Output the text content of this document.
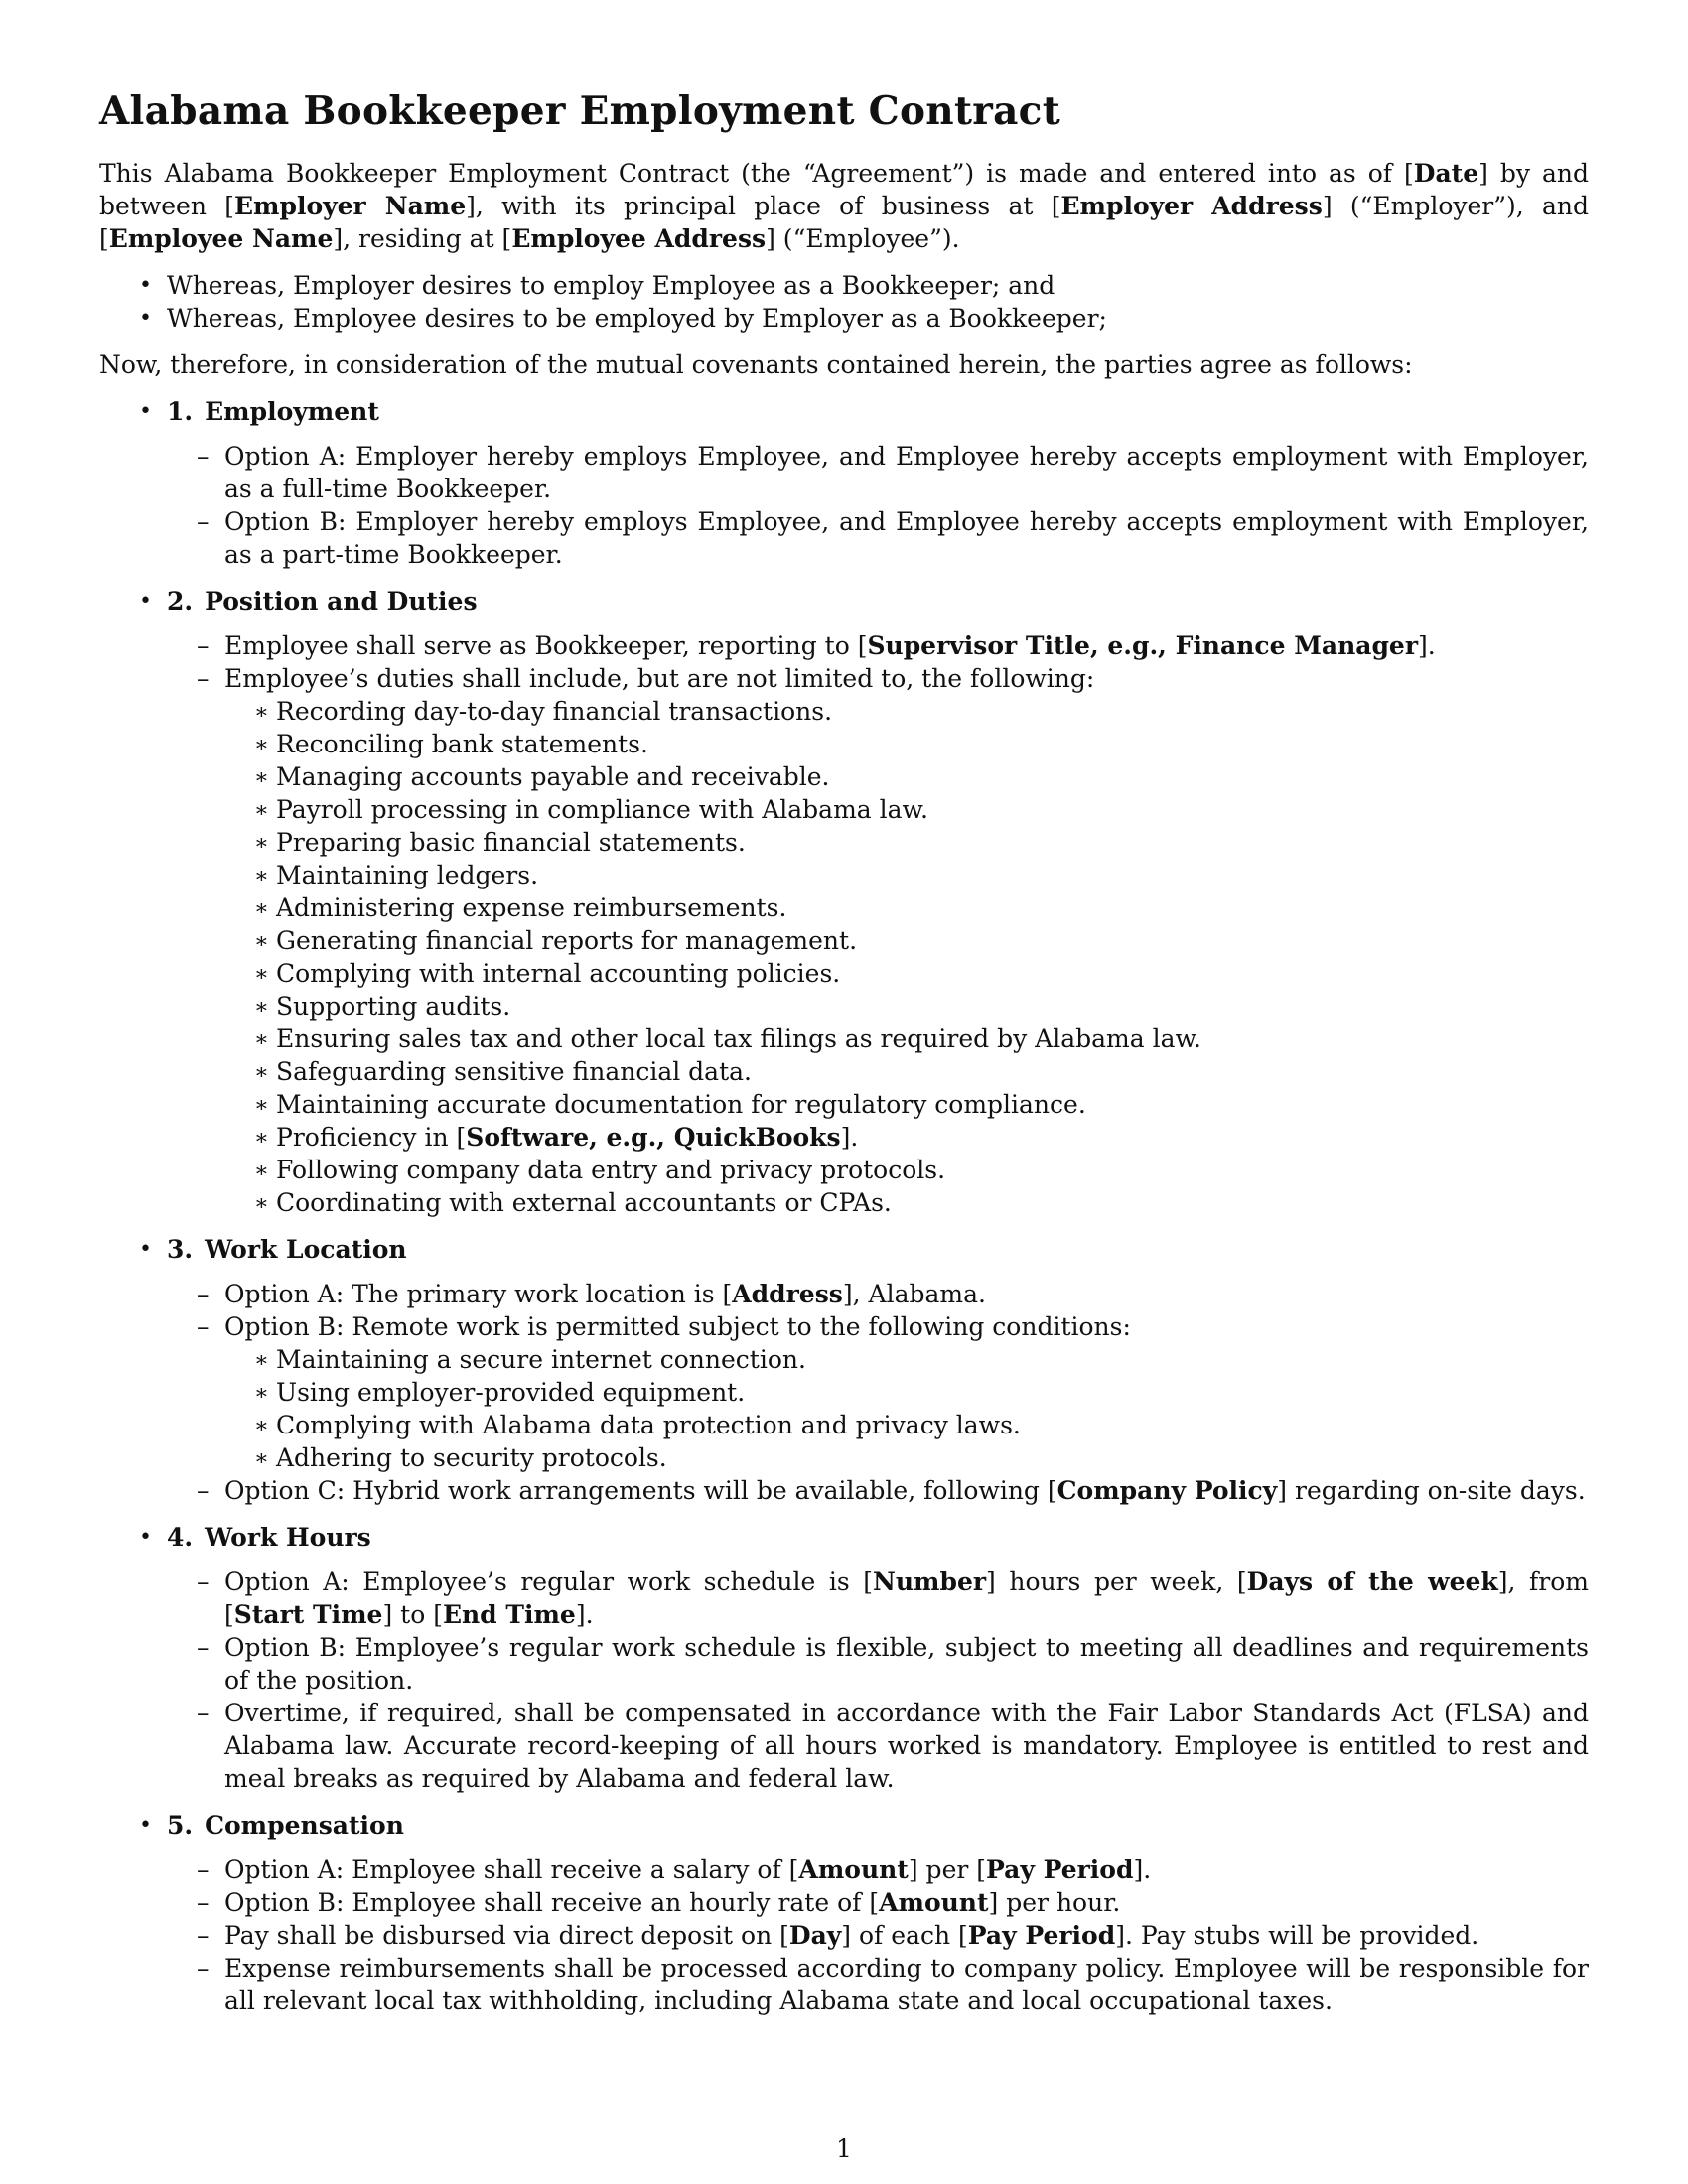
Alabama Bookkeeper Employment Contract

This Alabama Bookkeeper Employment Contract (the “Agreement”) is made and entered into as of [Date] by and between [Employer Name], with its principal place of business at [Employer Address] (“Employer”), and [Employee Name], residing at [Employee Address] (“Employee”).

• Whereas, Employer desires to employ Employee as a Bookkeeper; and
• Whereas, Employee desires to be employed by Employer as a Bookkeeper;

Now, therefore, in consideration of the mutual covenants contained herein, the parties agree as follows:

• 1. Employment
– Option A: Employer hereby employs Employee, and Employee hereby accepts employment with Employer, as a full-time Bookkeeper.
– Option B: Employer hereby employs Employee, and Employee hereby accepts employment with Employer, as a part-time Bookkeeper.
• 2. Position and Duties
– Employee shall serve as Bookkeeper, reporting to [Supervisor Title, e.g., Finance Manager].
– Employee’s duties shall include, but are not limited to, the following:
∗ Recording day-to-day financial transactions.
∗ Reconciling bank statements.
∗ Managing accounts payable and receivable.
∗ Payroll processing in compliance with Alabama law.
∗ Preparing basic financial statements.
∗ Maintaining ledgers.
∗ Administering expense reimbursements.
∗ Generating financial reports for management.
∗ Complying with internal accounting policies.
∗ Supporting audits.
∗ Ensuring sales tax and other local tax filings as required by Alabama law.
∗ Safeguarding sensitive financial data.
∗ Maintaining accurate documentation for regulatory compliance.
∗ Proficiency in [Software, e.g., QuickBooks].
∗ Following company data entry and privacy protocols.
∗ Coordinating with external accountants or CPAs.
• 3. Work Location
– Option A: The primary work location is [Address], Alabama.
– Option B: Remote work is permitted subject to the following conditions:
∗ Maintaining a secure internet connection.
∗ Using employer-provided equipment.
∗ Complying with Alabama data protection and privacy laws.
∗ Adhering to security protocols.
– Option C: Hybrid work arrangements will be available, following [Company Policy] regarding on-site days.
• 4. Work Hours
– Option A: Employee’s regular work schedule is [Number] hours per week, [Days of the week], from [Start Time] to [End Time].
– Option B: Employee’s regular work schedule is flexible, subject to meeting all deadlines and requirements of the position.
– Overtime, if required, shall be compensated in accordance with the Fair Labor Standards Act (FLSA) and Alabama law. Accurate record-keeping of all hours worked is mandatory. Employee is entitled to rest and meal breaks as required by Alabama and federal law.
• 5. Compensation
– Option A: Employee shall receive a salary of [Amount] per [Pay Period].
– Option B: Employee shall receive an hourly rate of [Amount] per hour.
– Pay shall be disbursed via direct deposit on [Day] of each [Pay Period]. Pay stubs will be provided.
– Expense reimbursements shall be processed according to company policy. Employee will be responsible for all relevant local tax withholding, including Alabama state and local occupational taxes.
1
